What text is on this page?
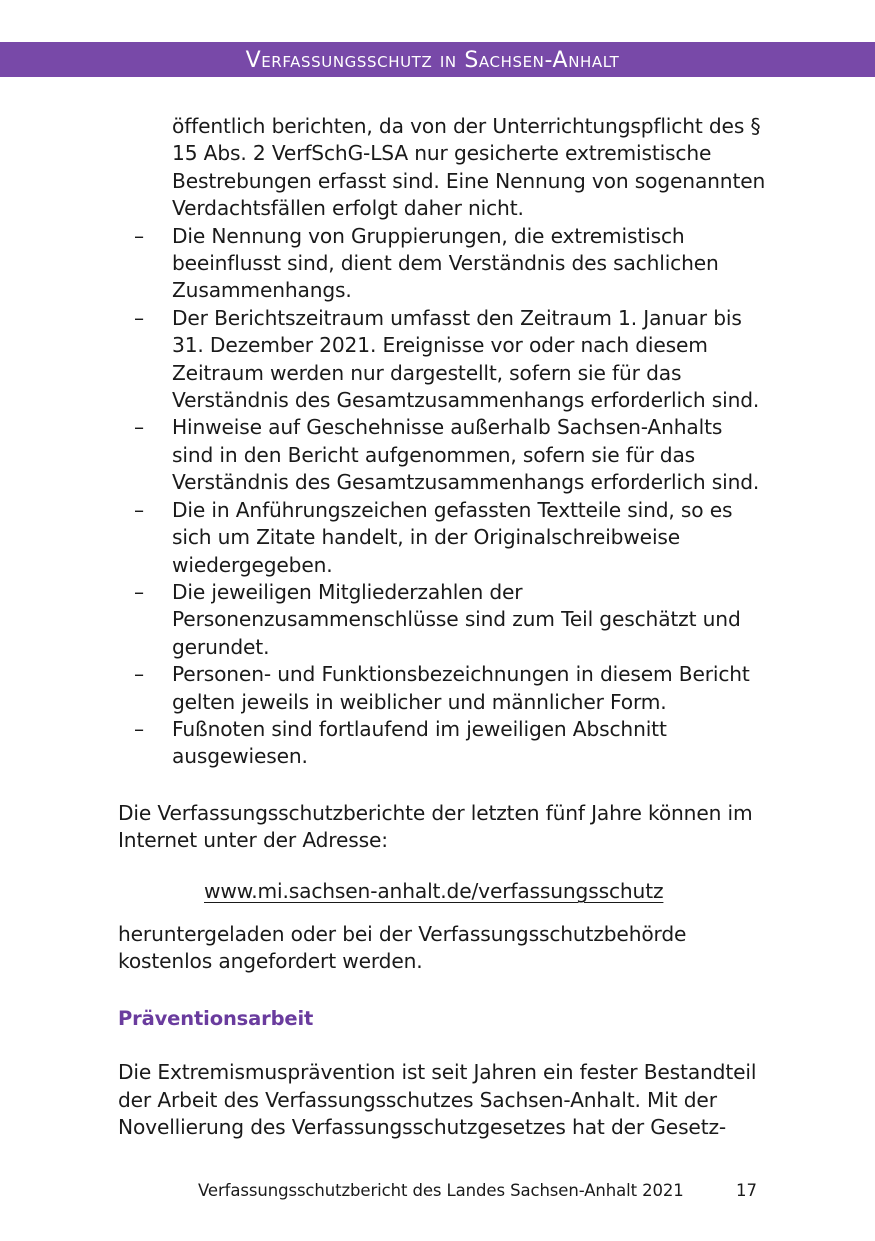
Verfassungsschutz in Sachsen-Anhalt

öffentlich berichten, da von der Unterrichtungspflicht des § 15 Abs. 2 VerfSchG-LSA nur gesicherte extremistische Bestrebungen erfasst sind. Eine Nennung von sogenannten Verdachtsfällen erfolgt daher nicht.

– Die Nennung von Gruppierungen, die extremistisch beeinflusst sind, dient dem Verständnis des sachlichen Zusammenhangs.
– Der Berichtszeitraum umfasst den Zeitraum 1. Januar bis 31. Dezember 2021. Ereignisse vor oder nach diesem Zeitraum werden nur dargestellt, sofern sie für das Verständnis des Gesamtzusammenhangs erforderlich sind.
– Hinweise auf Geschehnisse außerhalb Sachsen-Anhalts sind in den Bericht aufgenommen, sofern sie für das Verständnis des Gesamtzusammenhangs erforderlich sind.
– Die in Anführungszeichen gefassten Textteile sind, so es sich um Zitate handelt, in der Originalschreibweise wiedergegeben.
– Die jeweiligen Mitgliederzahlen der Personenzusammenschlüsse sind zum Teil geschätzt und gerundet.
– Personen- und Funktionsbezeichnungen in diesem Bericht gelten jeweils in weiblicher und männlicher Form.
– Fußnoten sind fortlaufend im jeweiligen Abschnitt ausgewiesen.

Die Verfassungsschutzberichte der letzten fünf Jahre können im Internet unter der Adresse:

www.mi.sachsen-anhalt.de/verfassungsschutz

heruntergeladen oder bei der Verfassungsschutzbehörde kostenlos angefordert werden.

Präventionsarbeit

Die Extremismusprävention ist seit Jahren ein fester Bestandteil der Arbeit des Verfassungsschutzes Sachsen-Anhalt. Mit der Novellierung des Verfassungsschutzgesetzes hat der Gesetz-

Verfassungsschutzbericht des Landes Sachsen-Anhalt 2021	17
